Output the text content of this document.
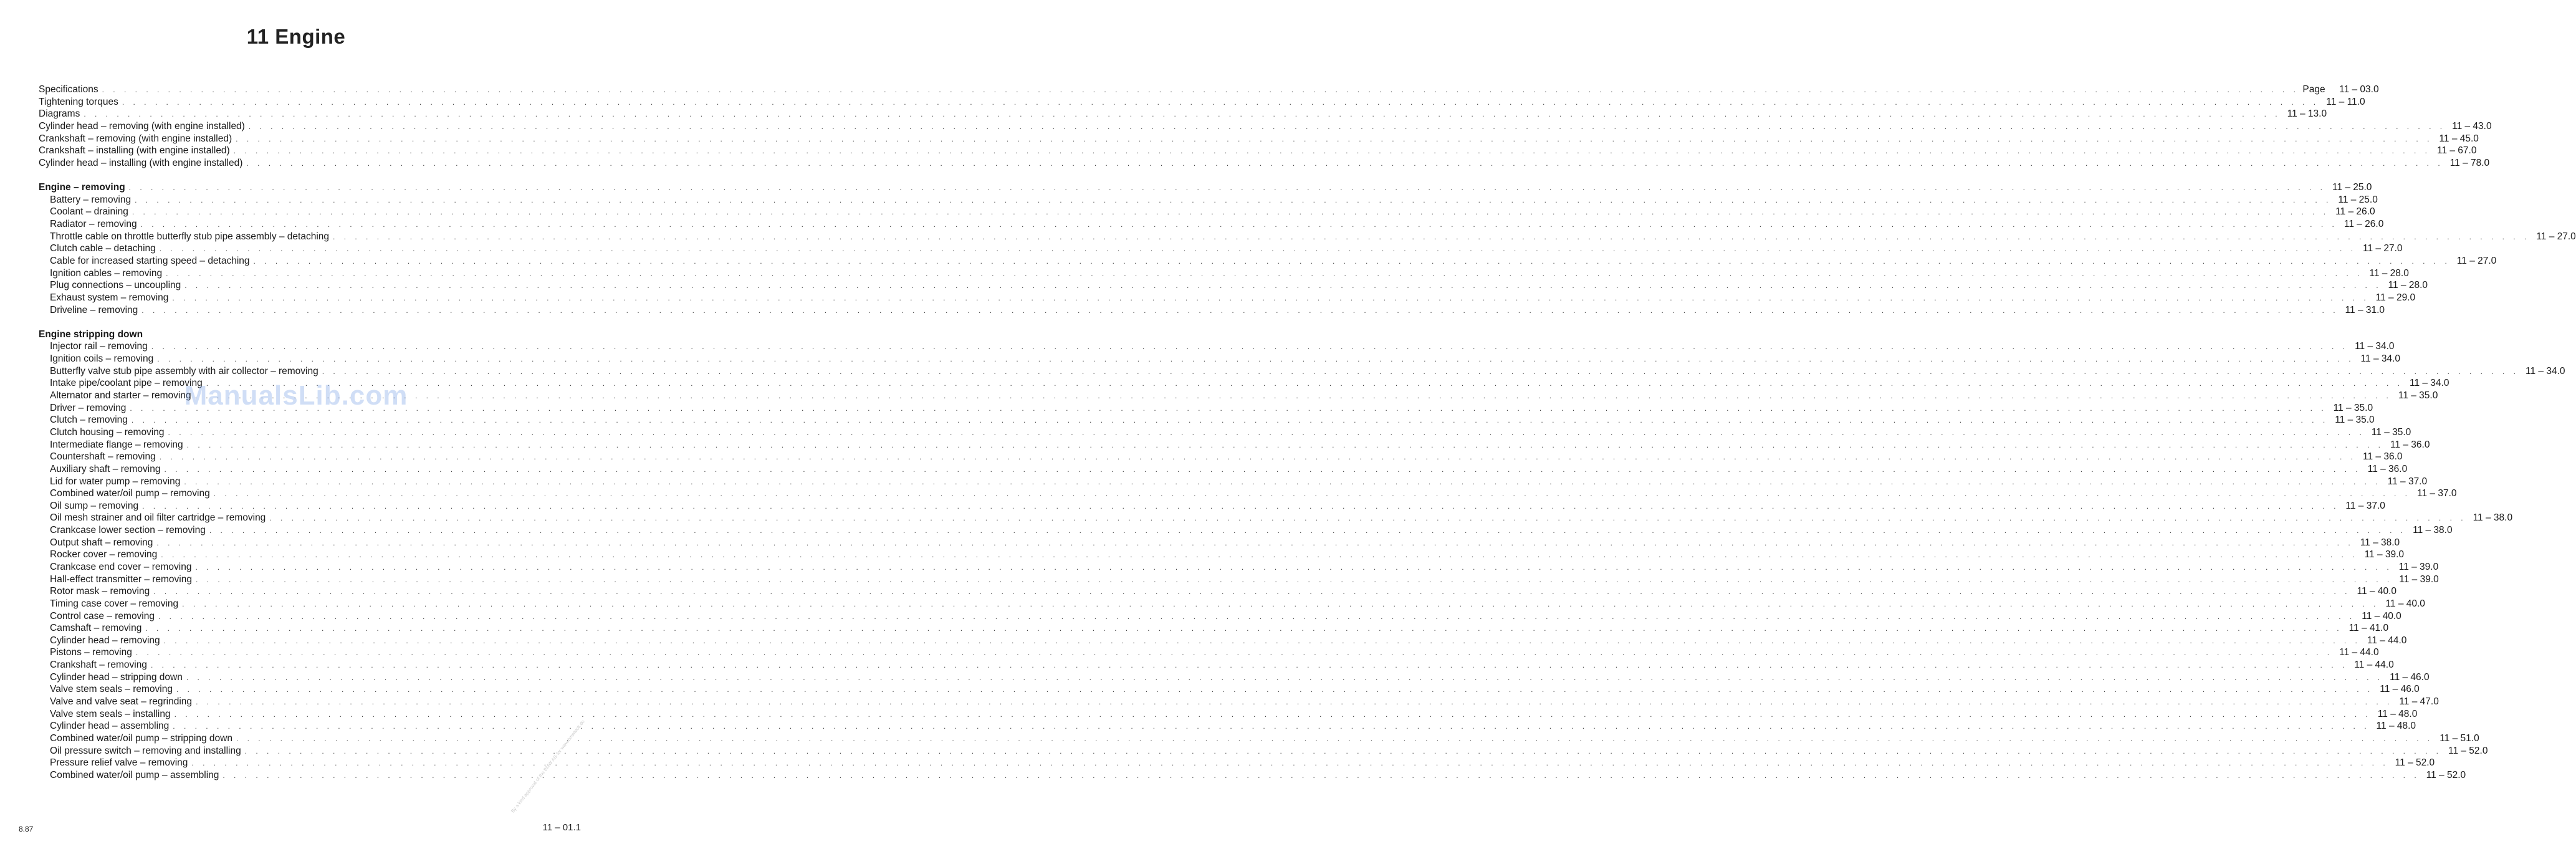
11 Engine
Specifications . . . . . . . . . . . . . . . . . . . . . . . . . . . . . . . . . . . . . . . . . . . . . . . . . . . . . . . . . . . . . . . . . . . . . . . . . . . . . . . . . . . . . . . . . . . . . . . . . . . . . . . . . . . . . . . . . . . . . . . . . . . . . . . . . . . . . . . . . . . . . . . . . . . . . . . . . . . . . . . . . . . . . . . . . . . . . . . . . . . . . . . . . . . . . . . . . . . . . . . . Page 11 – 03.0
Tightening torques . . . . . . . . . . . . . . . . . . . . . . . . . . . . . . . . . . . . . . . . . . . . . . . . . . . . . . . . . . . . . . . . . . . . . . . . . . . . . . . . . . . . . . . . . . . . . . . . . . . . . . . . . . . . . . . . . . . . . . . . . . . . . . . . . . . . . . . . . . . . . . . . . . . . . . . . . . . . . . . . . . . . . . . . . . . . . . . . . . . . . . . . . . . . . . . . . . . . . . . . 11 – 11.0
Diagrams . . . . . . . . . . . . . . . . . . . . . . . . . . . . . . . . . . . . . . . . . . . . . . . . . . . . . . . . . . . . . . . . . . . . . . . . . . . . . . . . . . . . . . . . . . . . . . . . . . . . . . . . . . . . . . . . . . . . . . . . . . . . . . . . . . . . . . . . . . . . . . . . . . . . . . . . . . . . . . . . . . . . . . . . . . . . . . . . . . . . . . . . . . . . . . . . . . . . . . . . 11 – 13.0
Cylinder head – removing (with engine installed) . . . . . . . . . . . . . . . . . . . . . . . . . . . . . . . . . . . . . . . . . . . . . . . . . . . . . . . . . . . . . . . . . . . . . . . . . . . . . . . . . . . . . . . . . . . . . . . . . . . . . . . . . . . . . . . . . . . . . . . . . . . . . . . . . . . . . . . . . . . . . . . . . . . . . . . . . . . . . . . . . . . . . . . . . . . . . . . . . . . . . . . . . . . . . . . . . . . . . . . . 11 – 43.0
Crankshaft – removing (with engine installed) . . . . . . . . . . . . . . . . . . . . . . . . . . . . . . . . . . . . . . . . . . . . . . . . . . . . . . . . . . . . . . . . . . . . . . . . . . . . . . . . . . . . . . . . . . . . . . . . . . . . . . . . . . . . . . . . . . . . . . . . . . . . . . . . . . . . . . . . . . . . . . . . . . . . . . . . . . . . . . . . . . . . . . . . . . . . . . . . . . . . . . . . . . . . . . . . . . . . . . . . 11 – 45.0
Crankshaft – installing (with engine installed) . . . . . . . . . . . . . . . . . . . . . . . . . . . . . . . . . . . . . . . . . . . . . . . . . . . . . . . . . . . . . . . . . . . . . . . . . . . . . . . . . . . . . . . . . . . . . . . . . . . . . . . . . . . . . . . . . . . . . . . . . . . . . . . . . . . . . . . . . . . . . . . . . . . . . . . . . . . . . . . . . . . . . . . . . . . . . . . . . . . . . . . . . . . . . . . . . . . . . . . . 11 – 67.0
Cylinder head – installing (with engine installed) . . . . . . . . . . . . . . . . . . . . . . . . . . . . . . . . . . . . . . . . . . . . . . . . . . . . . . . . . . . . . . . . . . . . . . . . . . . . . . . . . . . . . . . . . . . . . . . . . . . . . . . . . . . . . . . . . . . . . . . . . . . . . . . . . . . . . . . . . . . . . . . . . . . . . . . . . . . . . . . . . . . . . . . . . . . . . . . . . . . . . . . . . . . . . . . . . . . . . . . . 11 – 78.0
Engine – removing . . . . . . . . . . . . . . . . . . . . . . . . . . . . . . . . . . . . . . . . . . . . . . . . . . . . . . . . . . . . . . . . . . . . . . . . . . . . . . . . . . . . . . . . . . . . . . . . . . . . . . . . . . . . . . . . . . . . . . . . . . . . . . . . . . . . . . . . . . . . . . . . . . . . . . . . . . . . . . . . . . . . . . . . . . . . . . . . . . . . . . . . . . . . . . . . . . . . . . . . 11 – 25.0
Battery – removing . . . . . . . . . . . . . . . . . . . . . . . . . . . . . . . . . . . . . . . . . . . . . . . . . . . . . . . . . . . . . . . . . . . . . . . . . . . . . . . . . . . . . . . . . . . . . . . . . . . . . . . . . . . . . . . . . . . . . . . . . . . . . . . . . . . . . . . . . . . . . . . . . . . . . . . . . . . . . . . . . . . . . . . . . . . . . . . . . . . . . . . . . . . . . . . . . . . . . . . . 11 – 25.0
Coolant – draining . . . . . . . . . . . . . . . . . . . . . . . . . . . . . . . . . . . . . . . . . . . . . . . . . . . . . . . . . . . . . . . . . . . . . . . . . . . . . . . . . . . . . . . . . . . . . . . . . . . . . . . . . . . . . . . . . . . . . . . . . . . . . . . . . . . . . . . . . . . . . . . . . . . . . . . . . . . . . . . . . . . . . . . . . . . . . . . . . . . . . . . . . . . . . . . . . . . . . . . . 11 – 26.0
Radiator – removing . . . . . . . . . . . . . . . . . . . . . . . . . . . . . . . . . . . . . . . . . . . . . . . . . . . . . . . . . . . . . . . . . . . . . . . . . . . . . . . . . . . . . . . . . . . . . . . . . . . . . . . . . . . . . . . . . . . . . . . . . . . . . . . . . . . . . . . . . . . . . . . . . . . . . . . . . . . . . . . . . . . . . . . . . . . . . . . . . . . . . . . . . . . . . . . . . . . . . . . . 11 – 26.0
Throttle cable on throttle butterfly stub pipe assembly – detaching . . . . . . . . . . . . . . . . . . . . . . . . . . . . . . . . . . . . . . . . . . . . . . . . . . . . . . . . . . . . . . . . . . . . . . . . . . . . . . . . . . . . . . . . . . . . . . . . . . . . . . . . . . . . . . . . . . . . . . . . . . . . . . . . . . . . . . . . . . . . . . . . . . . . . . . . . . . . . . . . . . . . . . . . . . . . . . . . . . . . . . . . . . . . . . . . . . . . . . . . 11 – 27.0
Clutch cable – detaching . . . . . . . . . . . . . . . . . . . . . . . . . . . . . . . . . . . . . . . . . . . . . . . . . . . . . . . . . . . . . . . . . . . . . . . . . . . . . . . . . . . . . . . . . . . . . . . . . . . . . . . . . . . . . . . . . . . . . . . . . . . . . . . . . . . . . . . . . . . . . . . . . . . . . . . . . . . . . . . . . . . . . . . . . . . . . . . . . . . . . . . . . . . . . . . . . . . . . . . . 11 – 27.0
Cable for increased starting speed – detaching . . . . . . . . . . . . . . . . . . . . . . . . . . . . . . . . . . . . . . . . . . . . . . . . . . . . . . . . . . . . . . . . . . . . . . . . . . . . . . . . . . . . . . . . . . . . . . . . . . . . . . . . . . . . . . . . . . . . . . . . . . . . . . . . . . . . . . . . . . . . . . . . . . . . . . . . . . . . . . . . . . . . . . . . . . . . . . . . . . . . . . . . . . . . . . . . . . . . . . . . 11 – 27.0
Ignition cables – removing . . . . . . . . . . . . . . . . . . . . . . . . . . . . . . . . . . . . . . . . . . . . . . . . . . . . . . . . . . . . . . . . . . . . . . . . . . . . . . . . . . . . . . . . . . . . . . . . . . . . . . . . . . . . . . . . . . . . . . . . . . . . . . . . . . . . . . . . . . . . . . . . . . . . . . . . . . . . . . . . . . . . . . . . . . . . . . . . . . . . . . . . . . . . . . . . . . . . . . . . 11 – 28.0
Plug connections – uncoupling . . . . . . . . . . . . . . . . . . . . . . . . . . . . . . . . . . . . . . . . . . . . . . . . . . . . . . . . . . . . . . . . . . . . . . . . . . . . . . . . . . . . . . . . . . . . . . . . . . . . . . . . . . . . . . . . . . . . . . . . . . . . . . . . . . . . . . . . . . . . . . . . . . . . . . . . . . . . . . . . . . . . . . . . . . . . . . . . . . . . . . . . . . . . . . . . . . . . . . . . 11 – 28.0
Exhaust system – removing . . . . . . . . . . . . . . . . . . . . . . . . . . . . . . . . . . . . . . . . . . . . . . . . . . . . . . . . . . . . . . . . . . . . . . . . . . . . . . . . . . . . . . . . . . . . . . . . . . . . . . . . . . . . . . . . . . . . . . . . . . . . . . . . . . . . . . . . . . . . . . . . . . . . . . . . . . . . . . . . . . . . . . . . . . . . . . . . . . . . . . . . . . . . . . . . . . . . . . . . 11 – 29.0
Driveline – removing . . . . . . . . . . . . . . . . . . . . . . . . . . . . . . . . . . . . . . . . . . . . . . . . . . . . . . . . . . . . . . . . . . . . . . . . . . . . . . . . . . . . . . . . . . . . . . . . . . . . . . . . . . . . . . . . . . . . . . . . . . . . . . . . . . . . . . . . . . . . . . . . . . . . . . . . . . . . . . . . . . . . . . . . . . . . . . . . . . . . . . . . . . . . . . . . . . . . . . . . 11 – 31.0
Engine stripping down
Injector rail – removing . . . . . . . . . . . . . . . . . . . . . . . . . . . . . . . . . . . . . . . . . . . . . . . . . . . . . . . . . . . . . . . . . . . . . . . . . . . . . . . . . . . . . . . . . . . . . . . . . . . . . . . . . . . . . . . . . . . . . . . . . . . . . . . . . . . . . . . . . . . . . . . . . . . . . . . . . . . . . . . . . . . . . . . . . . . . . . . . . . . . . . . . . . . . . . . . . . . . . . . . 11 – 34.0
Ignition coils – removing . . . . . . . . . . . . . . . . . . . . . . . . . . . . . . . . . . . . . . . . . . . . . . . . . . . . . . . . . . . . . . . . . . . . . . . . . . . . . . . . . . . . . . . . . . . . . . . . . . . . . . . . . . . . . . . . . . . . . . . . . . . . . . . . . . . . . . . . . . . . . . . . . . . . . . . . . . . . . . . . . . . . . . . . . . . . . . . . . . . . . . . . . . . . . . . . . . . . . . . . 11 – 34.0
Butterfly valve stub pipe assembly with air collector – removing . . . . . . . . . . . . . . . . . . . . . . . . . . . . . . . . . . . . . . . . . . . . . . . . . . . . . . . . . . . . . . . . . . . . . . . . . . . . . . . . . . . . . . . . . . . . . . . . . . . . . . . . . . . . . . . . . . . . . . . . . . . . . . . . . . . . . . . . . . . . . . . . . . . . . . . . . . . . . . . . . . . . . . . . . . . . . . . . . . . . . . . . . . . . . . . . . . . . . . . . 11 – 34.0
Intake pipe/coolant pipe – removing . . . . . . . . . . . . . . . . . . . . . . . . . . . . . . . . . . . . . . . . . . . . . . . . . . . . . . . . . . . . . . . . . . . . . . . . . . . . . . . . . . . . . . . . . . . . . . . . . . . . . . . . . . . . . . . . . . . . . . . . . . . . . . . . . . . . . . . . . . . . . . . . . . . . . . . . . . . . . . . . . . . . . . . . . . . . . . . . . . . . . . . . . . . . . . . . . . . . . . . . 11 – 34.0
Alternator and starter – removing . . . . . . . . . . . . . . . . . . . . . . . . . . . . . . . . . . . . . . . . . . . . . . . . . . . . . . . . . . . . . . . . . . . . . . . . . . . . . . . . . . . . . . . . . . . . . . . . . . . . . . . . . . . . . . . . . . . . . . . . . . . . . . . . . . . . . . . . . . . . . . . . . . . . . . . . . . . . . . . . . . . . . . . . . . . . . . . . . . . . . . . . . . . . . . . . . . . . . . . . 11 – 35.0
Driver – removing . . . . . . . . . . . . . . . . . . . . . . . . . . . . . . . . . . . . . . . . . . . . . . . . . . . . . . . . . . . . . . . . . . . . . . . . . . . . . . . . . . . . . . . . . . . . . . . . . . . . . . . . . . . . . . . . . . . . . . . . . . . . . . . . . . . . . . . . . . . . . . . . . . . . . . . . . . . . . . . . . . . . . . . . . . . . . . . . . . . . . . . . . . . . . . . . . . . . . . . . 11 – 35.0
Clutch – removing . . . . . . . . . . . . . . . . . . . . . . . . . . . . . . . . . . . . . . . . . . . . . . . . . . . . . . . . . . . . . . . . . . . . . . . . . . . . . . . . . . . . . . . . . . . . . . . . . . . . . . . . . . . . . . . . . . . . . . . . . . . . . . . . . . . . . . . . . . . . . . . . . . . . . . . . . . . . . . . . . . . . . . . . . . . . . . . . . . . . . . . . . . . . . . . . . . . . . . . . 11 – 35.0
Clutch housing – removing . . . . . . . . . . . . . . . . . . . . . . . . . . . . . . . . . . . . . . . . . . . . . . . . . . . . . . . . . . . . . . . . . . . . . . . . . . . . . . . . . . . . . . . . . . . . . . . . . . . . . . . . . . . . . . . . . . . . . . . . . . . . . . . . . . . . . . . . . . . . . . . . . . . . . . . . . . . . . . . . . . . . . . . . . . . . . . . . . . . . . . . . . . . . . . . . . . . . . . . . 11 – 35.0
Intermediate flange – removing . . . . . . . . . . . . . . . . . . . . . . . . . . . . . . . . . . . . . . . . . . . . . . . . . . . . . . . . . . . . . . . . . . . . . . . . . . . . . . . . . . . . . . . . . . . . . . . . . . . . . . . . . . . . . . . . . . . . . . . . . . . . . . . . . . . . . . . . . . . . . . . . . . . . . . . . . . . . . . . . . . . . . . . . . . . . . . . . . . . . . . . . . . . . . . . . . . . . . . . . 11 – 36.0
Countershaft – removing . . . . . . . . . . . . . . . . . . . . . . . . . . . . . . . . . . . . . . . . . . . . . . . . . . . . . . . . . . . . . . . . . . . . . . . . . . . . . . . . . . . . . . . . . . . . . . . . . . . . . . . . . . . . . . . . . . . . . . . . . . . . . . . . . . . . . . . . . . . . . . . . . . . . . . . . . . . . . . . . . . . . . . . . . . . . . . . . . . . . . . . . . . . . . . . . . . . . . . . . 11 – 36.0
Auxiliary shaft – removing . . . . . . . . . . . . . . . . . . . . . . . . . . . . . . . . . . . . . . . . . . . . . . . . . . . . . . . . . . . . . . . . . . . . . . . . . . . . . . . . . . . . . . . . . . . . . . . . . . . . . . . . . . . . . . . . . . . . . . . . . . . . . . . . . . . . . . . . . . . . . . . . . . . . . . . . . . . . . . . . . . . . . . . . . . . . . . . . . . . . . . . . . . . . . . . . . . . . . . . . 11 – 36.0
Lid for water pump – removing . . . . . . . . . . . . . . . . . . . . . . . . . . . . . . . . . . . . . . . . . . . . . . . . . . . . . . . . . . . . . . . . . . . . . . . . . . . . . . . . . . . . . . . . . . . . . . . . . . . . . . . . . . . . . . . . . . . . . . . . . . . . . . . . . . . . . . . . . . . . . . . . . . . . . . . . . . . . . . . . . . . . . . . . . . . . . . . . . . . . . . . . . . . . . . . . . . . . . . . . 11 – 37.0
Combined water/oil pump – removing . . . . . . . . . . . . . . . . . . . . . . . . . . . . . . . . . . . . . . . . . . . . . . . . . . . . . . . . . . . . . . . . . . . . . . . . . . . . . . . . . . . . . . . . . . . . . . . . . . . . . . . . . . . . . . . . . . . . . . . . . . . . . . . . . . . . . . . . . . . . . . . . . . . . . . . . . . . . . . . . . . . . . . . . . . . . . . . . . . . . . . . . . . . . . . . . . . . . . . . . 11 – 37.0
Oil sump – removing . . . . . . . . . . . . . . . . . . . . . . . . . . . . . . . . . . . . . . . . . . . . . . . . . . . . . . . . . . . . . . . . . . . . . . . . . . . . . . . . . . . . . . . . . . . . . . . . . . . . . . . . . . . . . . . . . . . . . . . . . . . . . . . . . . . . . . . . . . . . . . . . . . . . . . . . . . . . . . . . . . . . . . . . . . . . . . . . . . . . . . . . . . . . . . . . . . . . . . . . 11 – 37.0
Oil mesh strainer and oil filter cartridge – removing . . . . . . . . . . . . . . . . . . . . . . . . . . . . . . . . . . . . . . . . . . . . . . . . . . . . . . . . . . . . . . . . . . . . . . . . . . . . . . . . . . . . . . . . . . . . . . . . . . . . . . . . . . . . . . . . . . . . . . . . . . . . . . . . . . . . . . . . . . . . . . . . . . . . . . . . . . . . . . . . . . . . . . . . . . . . . . . . . . . . . . . . . . . . . . . . . . . . . . . . 11 – 38.0
Crankcase lower section – removing . . . . . . . . . . . . . . . . . . . . . . . . . . . . . . . . . . . . . . . . . . . . . . . . . . . . . . . . . . . . . . . . . . . . . . . . . . . . . . . . . . . . . . . . . . . . . . . . . . . . . . . . . . . . . . . . . . . . . . . . . . . . . . . . . . . . . . . . . . . . . . . . . . . . . . . . . . . . . . . . . . . . . . . . . . . . . . . . . . . . . . . . . . . . . . . . . . . . . . . . 11 – 38.0
Output shaft – removing . . . . . . . . . . . . . . . . . . . . . . . . . . . . . . . . . . . . . . . . . . . . . . . . . . . . . . . . . . . . . . . . . . . . . . . . . . . . . . . . . . . . . . . . . . . . . . . . . . . . . . . . . . . . . . . . . . . . . . . . . . . . . . . . . . . . . . . . . . . . . . . . . . . . . . . . . . . . . . . . . . . . . . . . . . . . . . . . . . . . . . . . . . . . . . . . . . . . . . . . 11 – 38.0
Rocker cover – removing . . . . . . . . . . . . . . . . . . . . . . . . . . . . . . . . . . . . . . . . . . . . . . . . . . . . . . . . . . . . . . . . . . . . . . . . . . . . . . . . . . . . . . . . . . . . . . . . . . . . . . . . . . . . . . . . . . . . . . . . . . . . . . . . . . . . . . . . . . . . . . . . . . . . . . . . . . . . . . . . . . . . . . . . . . . . . . . . . . . . . . . . . . . . . . . . . . . . . . . . 11 – 39.0
Crankcase end cover – removing . . . . . . . . . . . . . . . . . . . . . . . . . . . . . . . . . . . . . . . . . . . . . . . . . . . . . . . . . . . . . . . . . . . . . . . . . . . . . . . . . . . . . . . . . . . . . . . . . . . . . . . . . . . . . . . . . . . . . . . . . . . . . . . . . . . . . . . . . . . . . . . . . . . . . . . . . . . . . . . . . . . . . . . . . . . . . . . . . . . . . . . . . . . . . . . . . . . . . . . . 11 – 39.0
Hall-effect transmitter – removing . . . . . . . . . . . . . . . . . . . . . . . . . . . . . . . . . . . . . . . . . . . . . . . . . . . . . . . . . . . . . . . . . . . . . . . . . . . . . . . . . . . . . . . . . . . . . . . . . . . . . . . . . . . . . . . . . . . . . . . . . . . . . . . . . . . . . . . . . . . . . . . . . . . . . . . . . . . . . . . . . . . . . . . . . . . . . . . . . . . . . . . . . . . . . . . . . . . . . . . . 11 – 39.0
Rotor mask – removing . . . . . . . . . . . . . . . . . . . . . . . . . . . . . . . . . . . . . . . . . . . . . . . . . . . . . . . . . . . . . . . . . . . . . . . . . . . . . . . . . . . . . . . . . . . . . . . . . . . . . . . . . . . . . . . . . . . . . . . . . . . . . . . . . . . . . . . . . . . . . . . . . . . . . . . . . . . . . . . . . . . . . . . . . . . . . . . . . . . . . . . . . . . . . . . . . . . . . . . . 11 – 40.0
Timing case cover – removing . . . . . . . . . . . . . . . . . . . . . . . . . . . . . . . . . . . . . . . . . . . . . . . . . . . . . . . . . . . . . . . . . . . . . . . . . . . . . . . . . . . . . . . . . . . . . . . . . . . . . . . . . . . . . . . . . . . . . . . . . . . . . . . . . . . . . . . . . . . . . . . . . . . . . . . . . . . . . . . . . . . . . . . . . . . . . . . . . . . . . . . . . . . . . . . . . . . . . . . . 11 – 40.0
Control case – removing . . . . . . . . . . . . . . . . . . . . . . . . . . . . . . . . . . . . . . . . . . . . . . . . . . . . . . . . . . . . . . . . . . . . . . . . . . . . . . . . . . . . . . . . . . . . . . . . . . . . . . . . . . . . . . . . . . . . . . . . . . . . . . . . . . . . . . . . . . . . . . . . . . . . . . . . . . . . . . . . . . . . . . . . . . . . . . . . . . . . . . . . . . . . . . . . . . . . . . . . 11 – 40.0
Camshaft – removing . . . . . . . . . . . . . . . . . . . . . . . . . . . . . . . . . . . . . . . . . . . . . . . . . . . . . . . . . . . . . . . . . . . . . . . . . . . . . . . . . . . . . . . . . . . . . . . . . . . . . . . . . . . . . . . . . . . . . . . . . . . . . . . . . . . . . . . . . . . . . . . . . . . . . . . . . . . . . . . . . . . . . . . . . . . . . . . . . . . . . . . . . . . . . . . . . . . . . . . . 11 – 41.0
Cylinder head – removing . . . . . . . . . . . . . . . . . . . . . . . . . . . . . . . . . . . . . . . . . . . . . . . . . . . . . . . . . . . . . . . . . . . . . . . . . . . . . . . . . . . . . . . . . . . . . . . . . . . . . . . . . . . . . . . . . . . . . . . . . . . . . . . . . . . . . . . . . . . . . . . . . . . . . . . . . . . . . . . . . . . . . . . . . . . . . . . . . . . . . . . . . . . . . . . . . . . . . . . . 11 – 44.0
Pistons – removing . . . . . . . . . . . . . . . . . . . . . . . . . . . . . . . . . . . . . . . . . . . . . . . . . . . . . . . . . . . . . . . . . . . . . . . . . . . . . . . . . . . . . . . . . . . . . . . . . . . . . . . . . . . . . . . . . . . . . . . . . . . . . . . . . . . . . . . . . . . . . . . . . . . . . . . . . . . . . . . . . . . . . . . . . . . . . . . . . . . . . . . . . . . . . . . . . . . . . . . . 11 – 44.0
Crankshaft – removing . . . . . . . . . . . . . . . . . . . . . . . . . . . . . . . . . . . . . . . . . . . . . . . . . . . . . . . . . . . . . . . . . . . . . . . . . . . . . . . . . . . . . . . . . . . . . . . . . . . . . . . . . . . . . . . . . . . . . . . . . . . . . . . . . . . . . . . . . . . . . . . . . . . . . . . . . . . . . . . . . . . . . . . . . . . . . . . . . . . . . . . . . . . . . . . . . . . . . . . . 11 – 44.0
Cylinder head – stripping down . . . . . . . . . . . . . . . . . . . . . . . . . . . . . . . . . . . . . . . . . . . . . . . . . . . . . . . . . . . . . . . . . . . . . . . . . . . . . . . . . . . . . . . . . . . . . . . . . . . . . . . . . . . . . . . . . . . . . . . . . . . . . . . . . . . . . . . . . . . . . . . . . . . . . . . . . . . . . . . . . . . . . . . . . . . . . . . . . . . . . . . . . . . . . . . . . . . . . . . . 11 – 46.0
Valve stem seals – removing . . . . . . . . . . . . . . . . . . . . . . . . . . . . . . . . . . . . . . . . . . . . . . . . . . . . . . . . . . . . . . . . . . . . . . . . . . . . . . . . . . . . . . . . . . . . . . . . . . . . . . . . . . . . . . . . . . . . . . . . . . . . . . . . . . . . . . . . . . . . . . . . . . . . . . . . . . . . . . . . . . . . . . . . . . . . . . . . . . . . . . . . . . . . . . . . . . . . . . . . 11 – 46.0
Valve and valve seat – regrinding . . . . . . . . . . . . . . . . . . . . . . . . . . . . . . . . . . . . . . . . . . . . . . . . . . . . . . . . . . . . . . . . . . . . . . . . . . . . . . . . . . . . . . . . . . . . . . . . . . . . . . . . . . . . . . . . . . . . . . . . . . . . . . . . . . . . . . . . . . . . . . . . . . . . . . . . . . . . . . . . . . . . . . . . . . . . . . . . . . . . . . . . . . . . . . . . . . . . . . . . 11 – 47.0
Valve stem seals – installing . . . . . . . . . . . . . . . . . . . . . . . . . . . . . . . . . . . . . . . . . . . . . . . . . . . . . . . . . . . . . . . . . . . . . . . . . . . . . . . . . . . . . . . . . . . . . . . . . . . . . . . . . . . . . . . . . . . . . . . . . . . . . . . . . . . . . . . . . . . . . . . . . . . . . . . . . . . . . . . . . . . . . . . . . . . . . . . . . . . . . . . . . . . . . . . . . . . . . . . . 11 – 48.0
Cylinder head – assembling . . . . . . . . . . . . . . . . . . . . . . . . . . . . . . . . . . . . . . . . . . . . . . . . . . . . . . . . . . . . . . . . . . . . . . . . . . . . . . . . . . . . . . . . . . . . . . . . . . . . . . . . . . . . . . . . . . . . . . . . . . . . . . . . . . . . . . . . . . . . . . . . . . . . . . . . . . . . . . . . . . . . . . . . . . . . . . . . . . . . . . . . . . . . . . . . . . . . . . . . 11 – 48.0
Combined water/oil pump – stripping down . . . . . . . . . . . . . . . . . . . . . . . . . . . . . . . . . . . . . . . . . . . . . . . . . . . . . . . . . . . . . . . . . . . . . . . . . . . . . . . . . . . . . . . . . . . . . . . . . . . . . . . . . . . . . . . . . . . . . . . . . . . . . . . . . . . . . . . . . . . . . . . . . . . . . . . . . . . . . . . . . . . . . . . . . . . . . . . . . . . . . . . . . . . . . . . . . . . . . . . . 11 – 51.0
Oil pressure switch – removing and installing . . . . . . . . . . . . . . . . . . . . . . . . . . . . . . . . . . . . . . . . . . . . . . . . . . . . . . . . . . . . . . . . . . . . . . . . . . . . . . . . . . . . . . . . . . . . . . . . . . . . . . . . . . . . . . . . . . . . . . . . . . . . . . . . . . . . . . . . . . . . . . . . . . . . . . . . . . . . . . . . . . . . . . . . . . . . . . . . . . . . . . . . . . . . . . . . . . . . . . . . 11 – 52.0
Pressure relief valve – removing . . . . . . . . . . . . . . . . . . . . . . . . . . . . . . . . . . . . . . . . . . . . . . . . . . . . . . . . . . . . . . . . . . . . . . . . . . . . . . . . . . . . . . . . . . . . . . . . . . . . . . . . . . . . . . . . . . . . . . . . . . . . . . . . . . . . . . . . . . . . . . . . . . . . . . . . . . . . . . . . . . . . . . . . . . . . . . . . . . . . . . . . . . . . . . . . . . . . . . . . 11 – 52.0
Combined water/oil pump – assembling . . . . . . . . . . . . . . . . . . . . . . . . . . . . . . . . . . . . . . . . . . . . . . . . . . . . . . . . . . . . . . . . . . . . . . . . . . . . . . . . . . . . . . . . . . . . . . . . . . . . . . . . . . . . . . . . . . . . . . . . . . . . . . . . . . . . . . . . . . . . . . . . . . . . . . . . . . . . . . . . . . . . . . . . . . . . . . . . . . . . . . . . . . . . . . . . . . . . . . . . 11 – 52.0
ManualsLib.com
8.87	11 – 01.1
By a kind approval of the BMW AG for www.bmwteck.de
